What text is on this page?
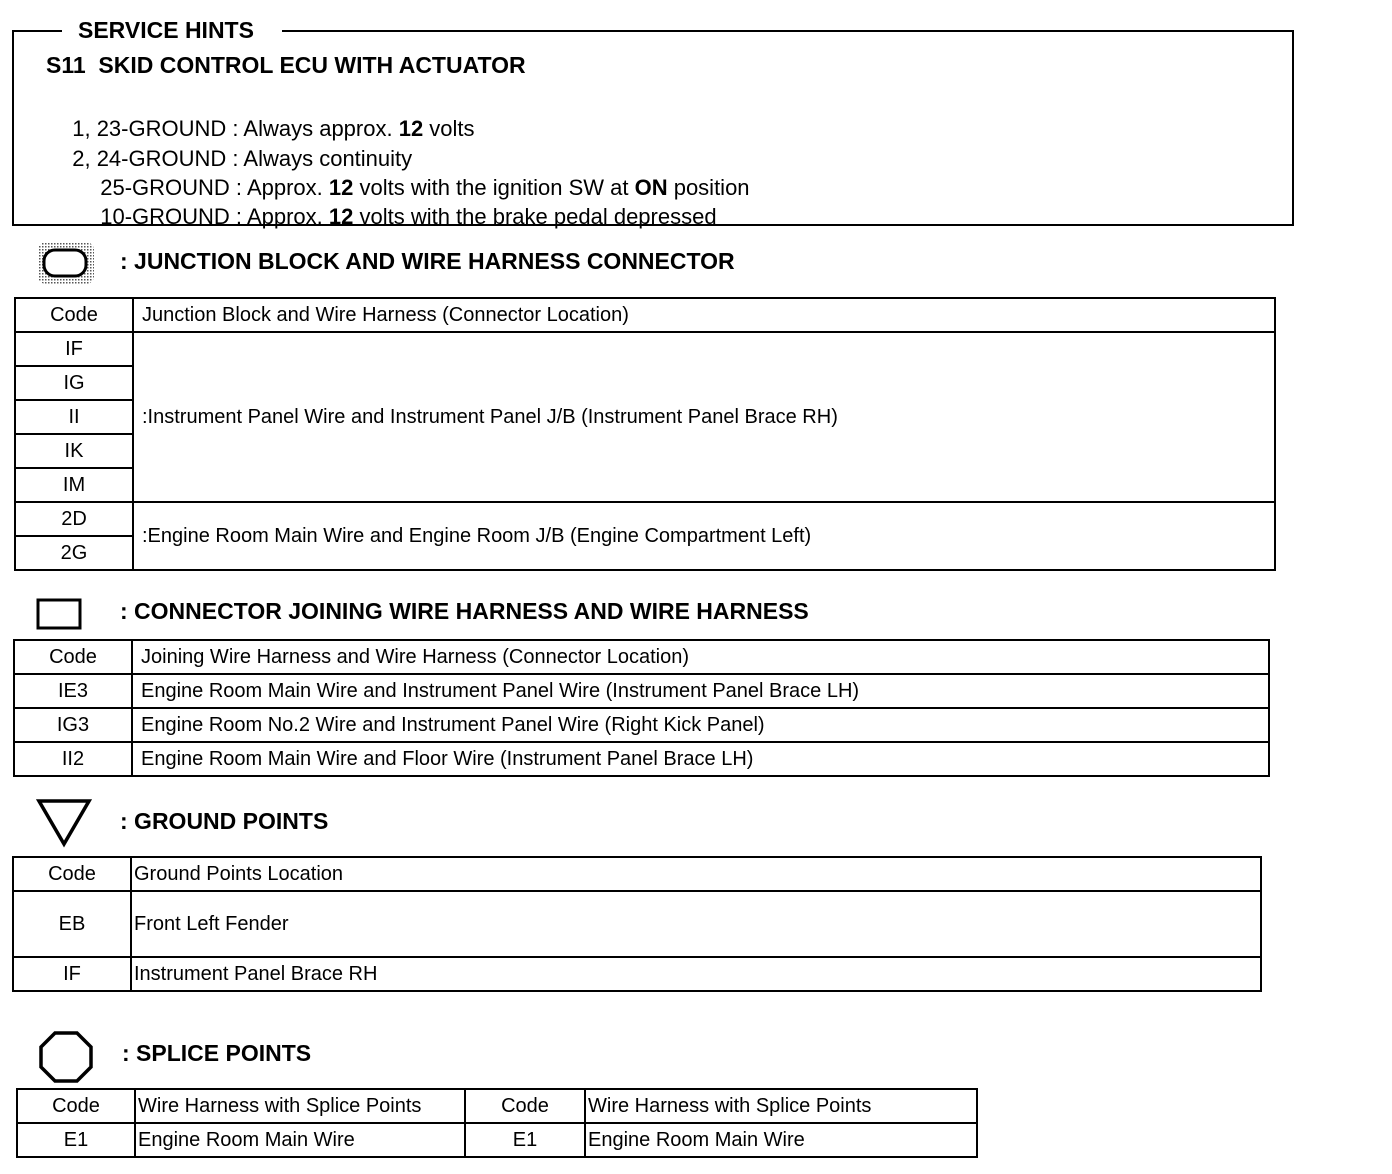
SERVICE HINTS
S11  SKID CONTROL ECU WITH ACTUATOR

1, 23-GROUND : Always approx. 12 volts

2, 24-GROUND : Always continuity

25-GROUND : Approx. 12 volts with the ignition SW at ON position

10-GROUND : Approx. 12 volts with the brake pedal depressed

: JUNCTION BLOCK AND WIRE HARNESS CONNECTOR
Code	Junction Block and Wire Harness (Connector Location)
IF	:Instrument Panel Wire and Instrument Panel J/B (Instrument Panel Brace RH)
IG	
II	
IK	
IM	
2D	:Engine Room Main Wire and Engine Room J/B (Engine Compartment Left)
2G	
: CONNECTOR JOINING WIRE HARNESS AND WIRE HARNESS
Code	Joining Wire Harness and Wire Harness (Connector Location)
IE3	Engine Room Main Wire and Instrument Panel Wire (Instrument Panel Brace LH)
IG3	Engine Room No.2 Wire and Instrument Panel Wire (Right Kick Panel)
II2	Engine Room Main Wire and Floor Wire (Instrument Panel Brace LH)
: GROUND POINTS
Code	Ground Points Location
EB	Front Left Fender
IF	Instrument Panel Brace RH
: SPLICE POINTS
Code	Wire Harness with Splice Points	Code	Wire Harness with Splice Points
E1	Engine Room Main Wire	E1	Engine Room Main Wire
